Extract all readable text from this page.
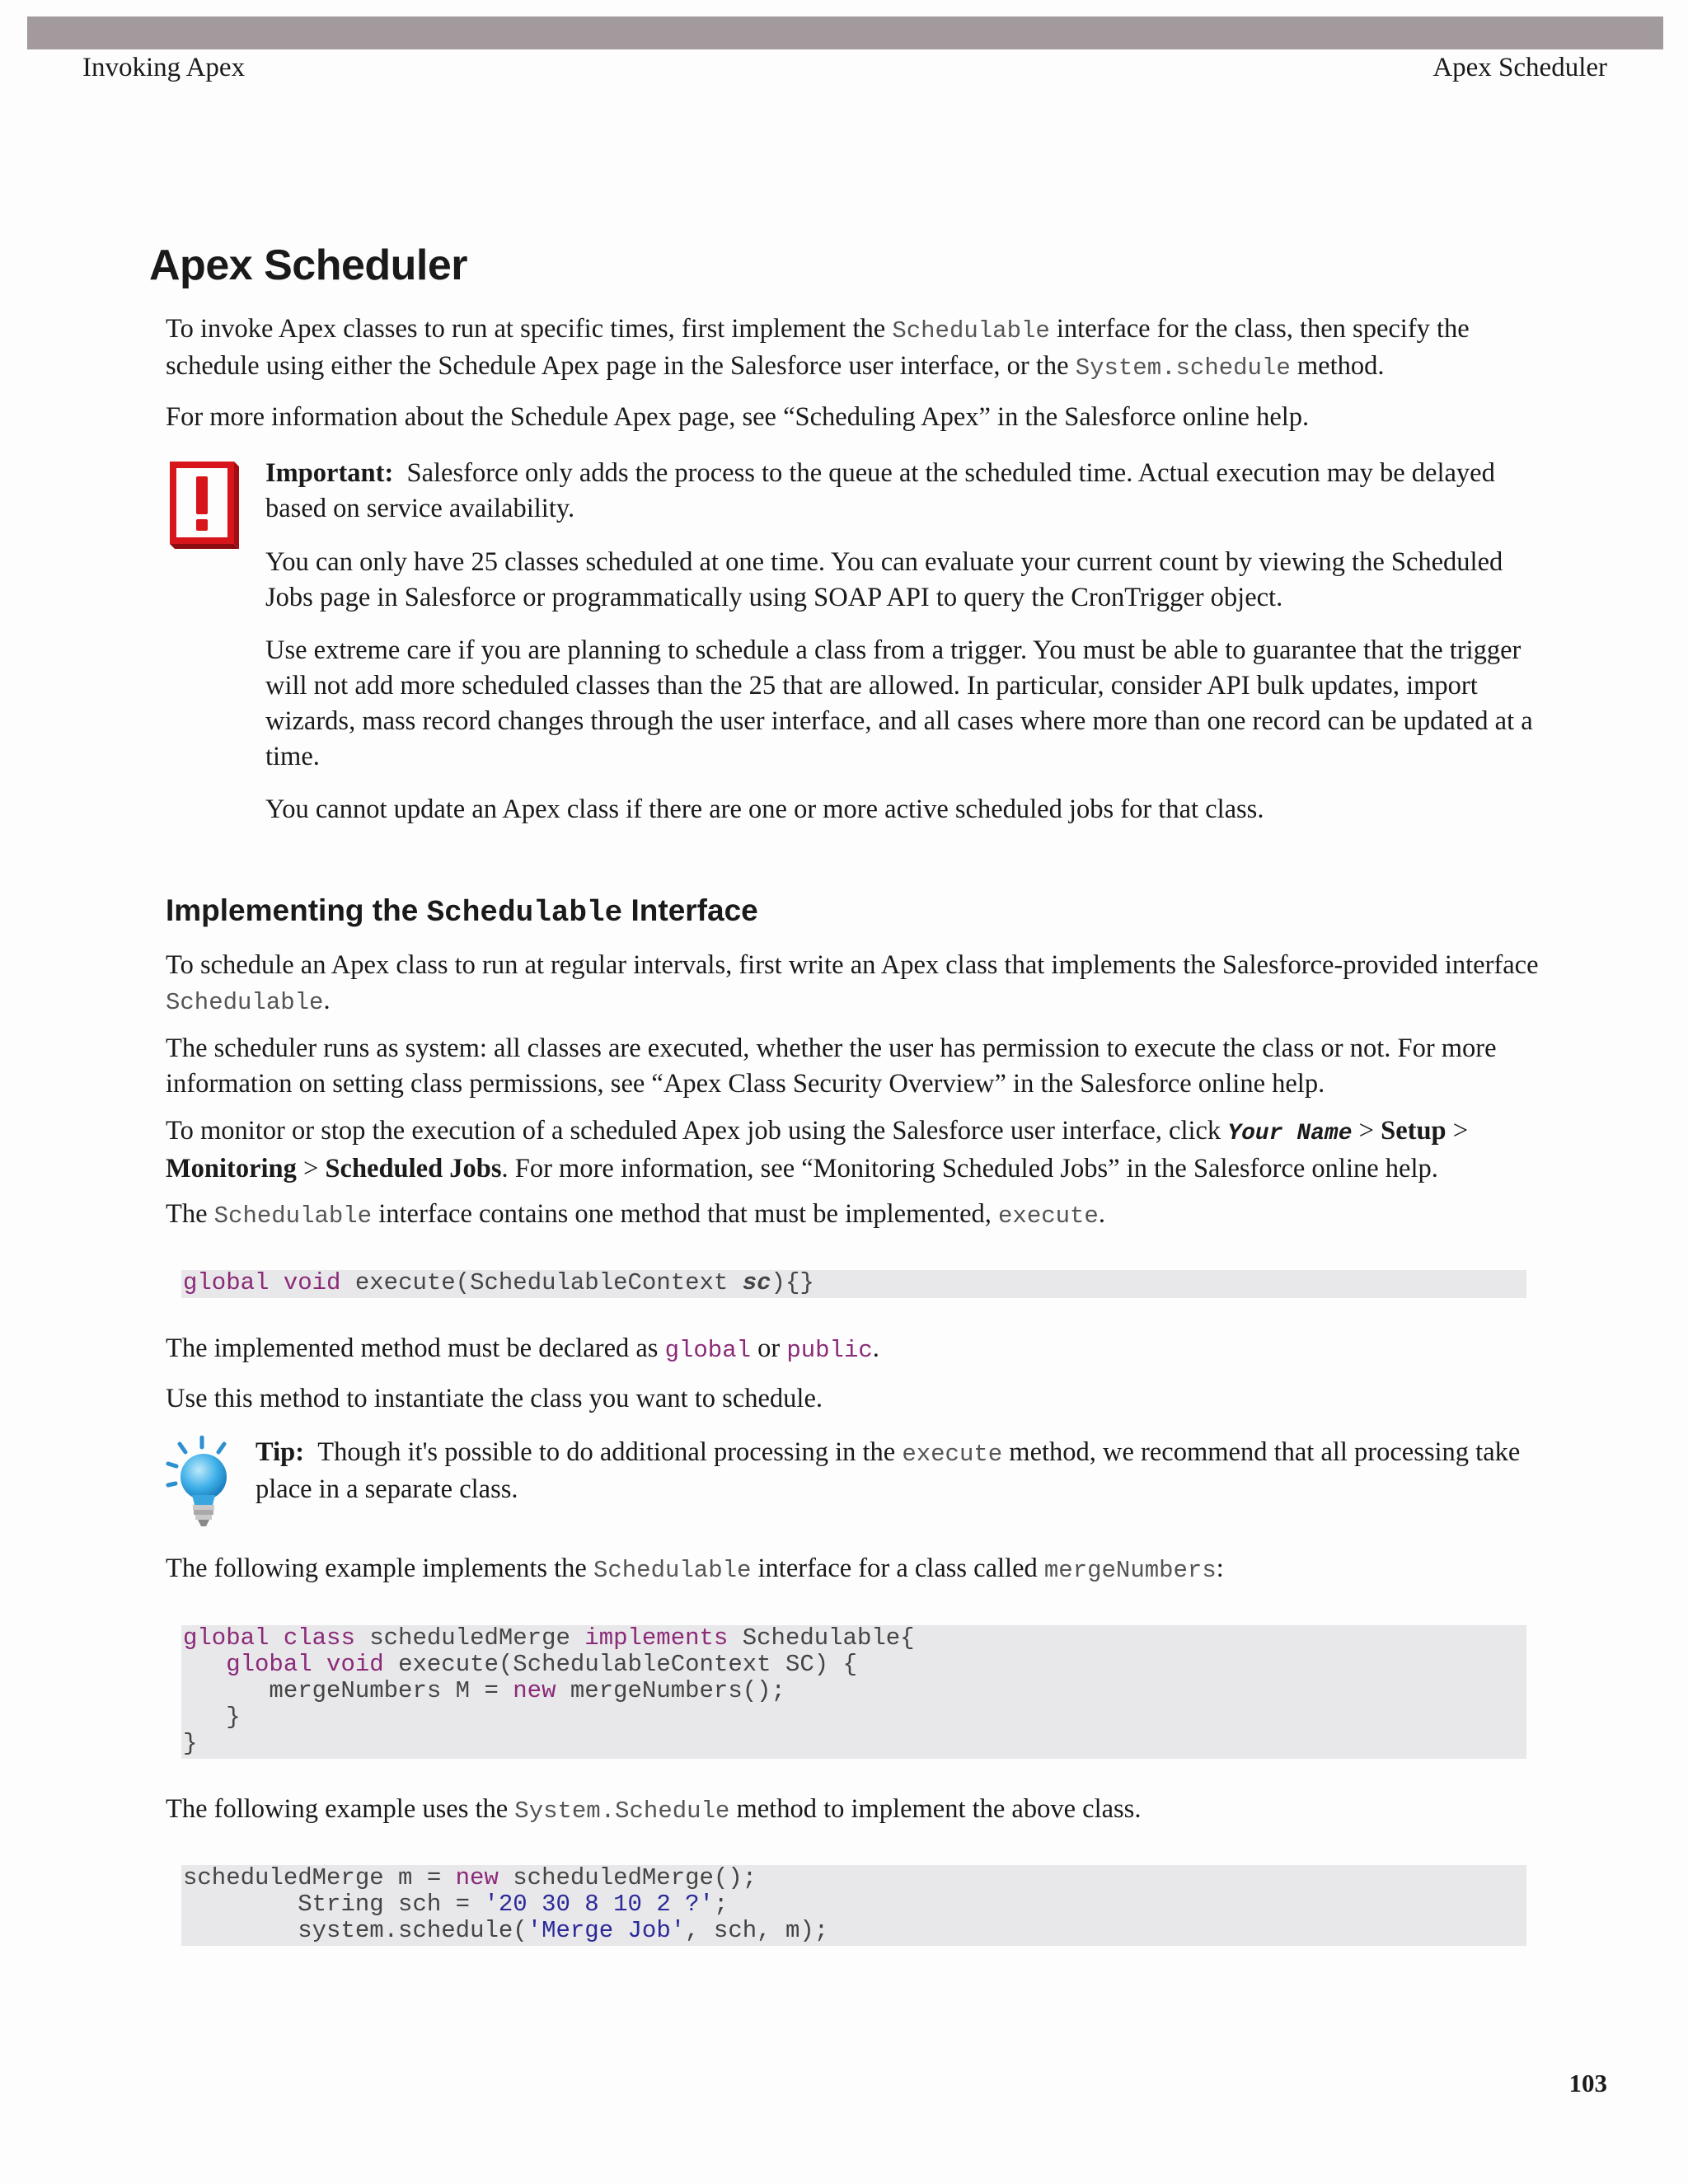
Invoking Apex	Apex Scheduler
Apex Scheduler

To invoke Apex classes to run at specific times, first implement the Schedulable interface for the class, then specify the schedule using either the Schedule Apex page in the Salesforce user interface, or the System.schedule method.

For more information about the Schedule Apex page, see “Scheduling Apex” in the Salesforce online help.

Important: Salesforce only adds the process to the queue at the scheduled time. Actual execution may be delayed based on service availability.

You can only have 25 classes scheduled at one time. You can evaluate your current count by viewing the Scheduled Jobs page in Salesforce or programmatically using SOAP API to query the CronTrigger object.

Use extreme care if you are planning to schedule a class from a trigger. You must be able to guarantee that the trigger will not add more scheduled classes than the 25 that are allowed. In particular, consider API bulk updates, import wizards, mass record changes through the user interface, and all cases where more than one record can be updated at a time.

You cannot update an Apex class if there are one or more active scheduled jobs for that class.

Implementing the Schedulable Interface

To schedule an Apex class to run at regular intervals, first write an Apex class that implements the Salesforce-provided interface Schedulable.

The scheduler runs as system: all classes are executed, whether the user has permission to execute the class or not. For more information on setting class permissions, see “Apex Class Security Overview” in the Salesforce online help.

To monitor or stop the execution of a scheduled Apex job using the Salesforce user interface, click Your Name > Setup > Monitoring > Scheduled Jobs. For more information, see “Monitoring Scheduled Jobs” in the Salesforce online help.

The Schedulable interface contains one method that must be implemented, execute.

global void execute(SchedulableContext sc){}

The implemented method must be declared as global or public.

Use this method to instantiate the class you want to schedule.

Tip: Though it's possible to do additional processing in the execute method, we recommend that all processing take place in a separate class.

The following example implements the Schedulable interface for a class called mergeNumbers:

global class scheduledMerge implements Schedulable{
global void execute(SchedulableContext SC) {
mergeNumbers M = new mergeNumbers();
}
}

The following example uses the System.Schedule method to implement the above class.

scheduledMerge m = new scheduledMerge();
String sch = '20 30 8 10 2 ?';
system.schedule('Merge Job', sch, m);
103
